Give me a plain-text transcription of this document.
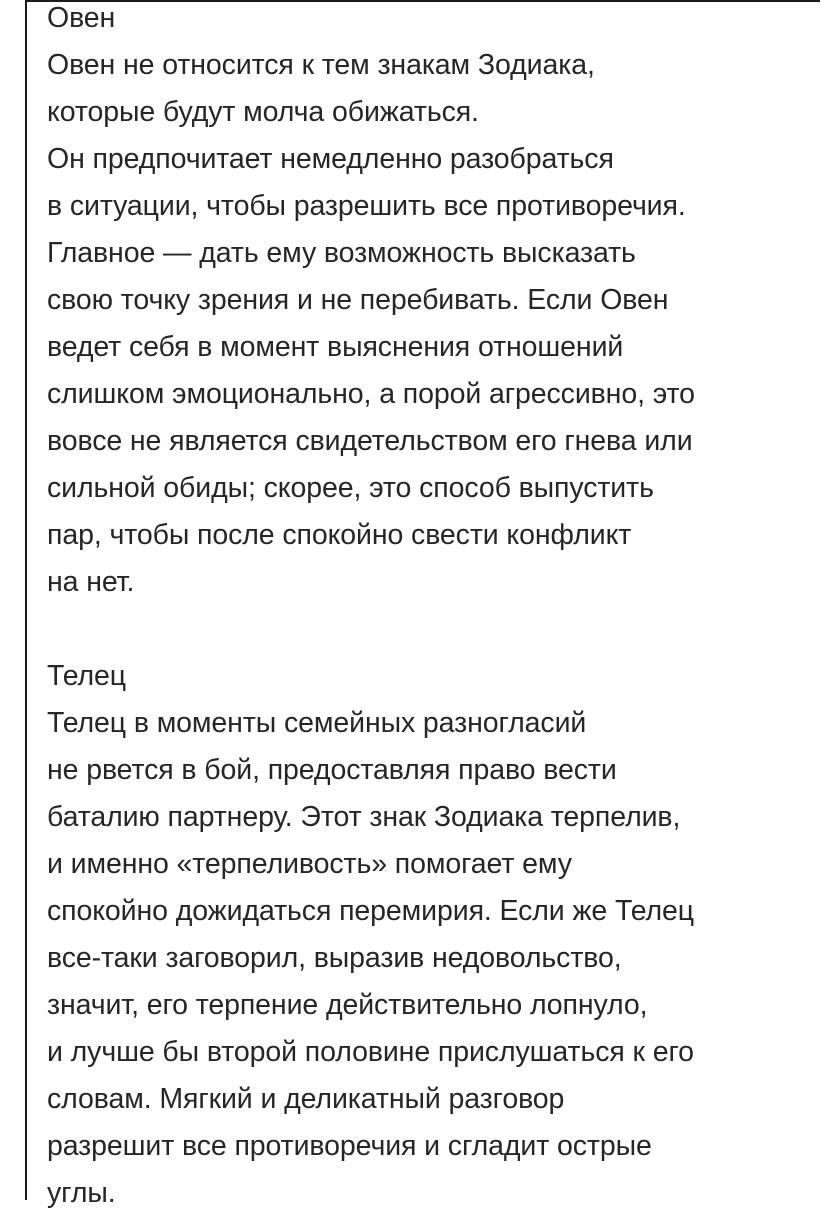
Овен
Овен не относится к тем знакам Зодиака,
которые будут молча обижаться.
Он предпочитает немедленно разобраться
в ситуации, чтобы разрешить все противоречия.
Главное — дать ему возможность высказать
свою точку зрения и не перебивать. Если Овен
ведет себя в момент выяснения отношений
слишком эмоционально, а порой агрессивно, это
вовсе не является свидетельством его гнева или
сильной обиды; скорее, это способ выпустить
пар, чтобы после спокойно свести конфликт
на нет.
Телец
Телец в моменты семейных разногласий
не рвется в бой, предоставляя право вести
баталию партнеру. Этот знак Зодиака терпелив,
и именно «терпеливость» помогает ему
спокойно дожидаться перемирия. Если же Телец
все-таки заговорил, выразив недовольство,
значит, его терпение действительно лопнуло,
и лучше бы второй половине прислушаться к его
словам. Мягкий и деликатный разговор
разрешит все противоречия и сгладит острые
углы.
